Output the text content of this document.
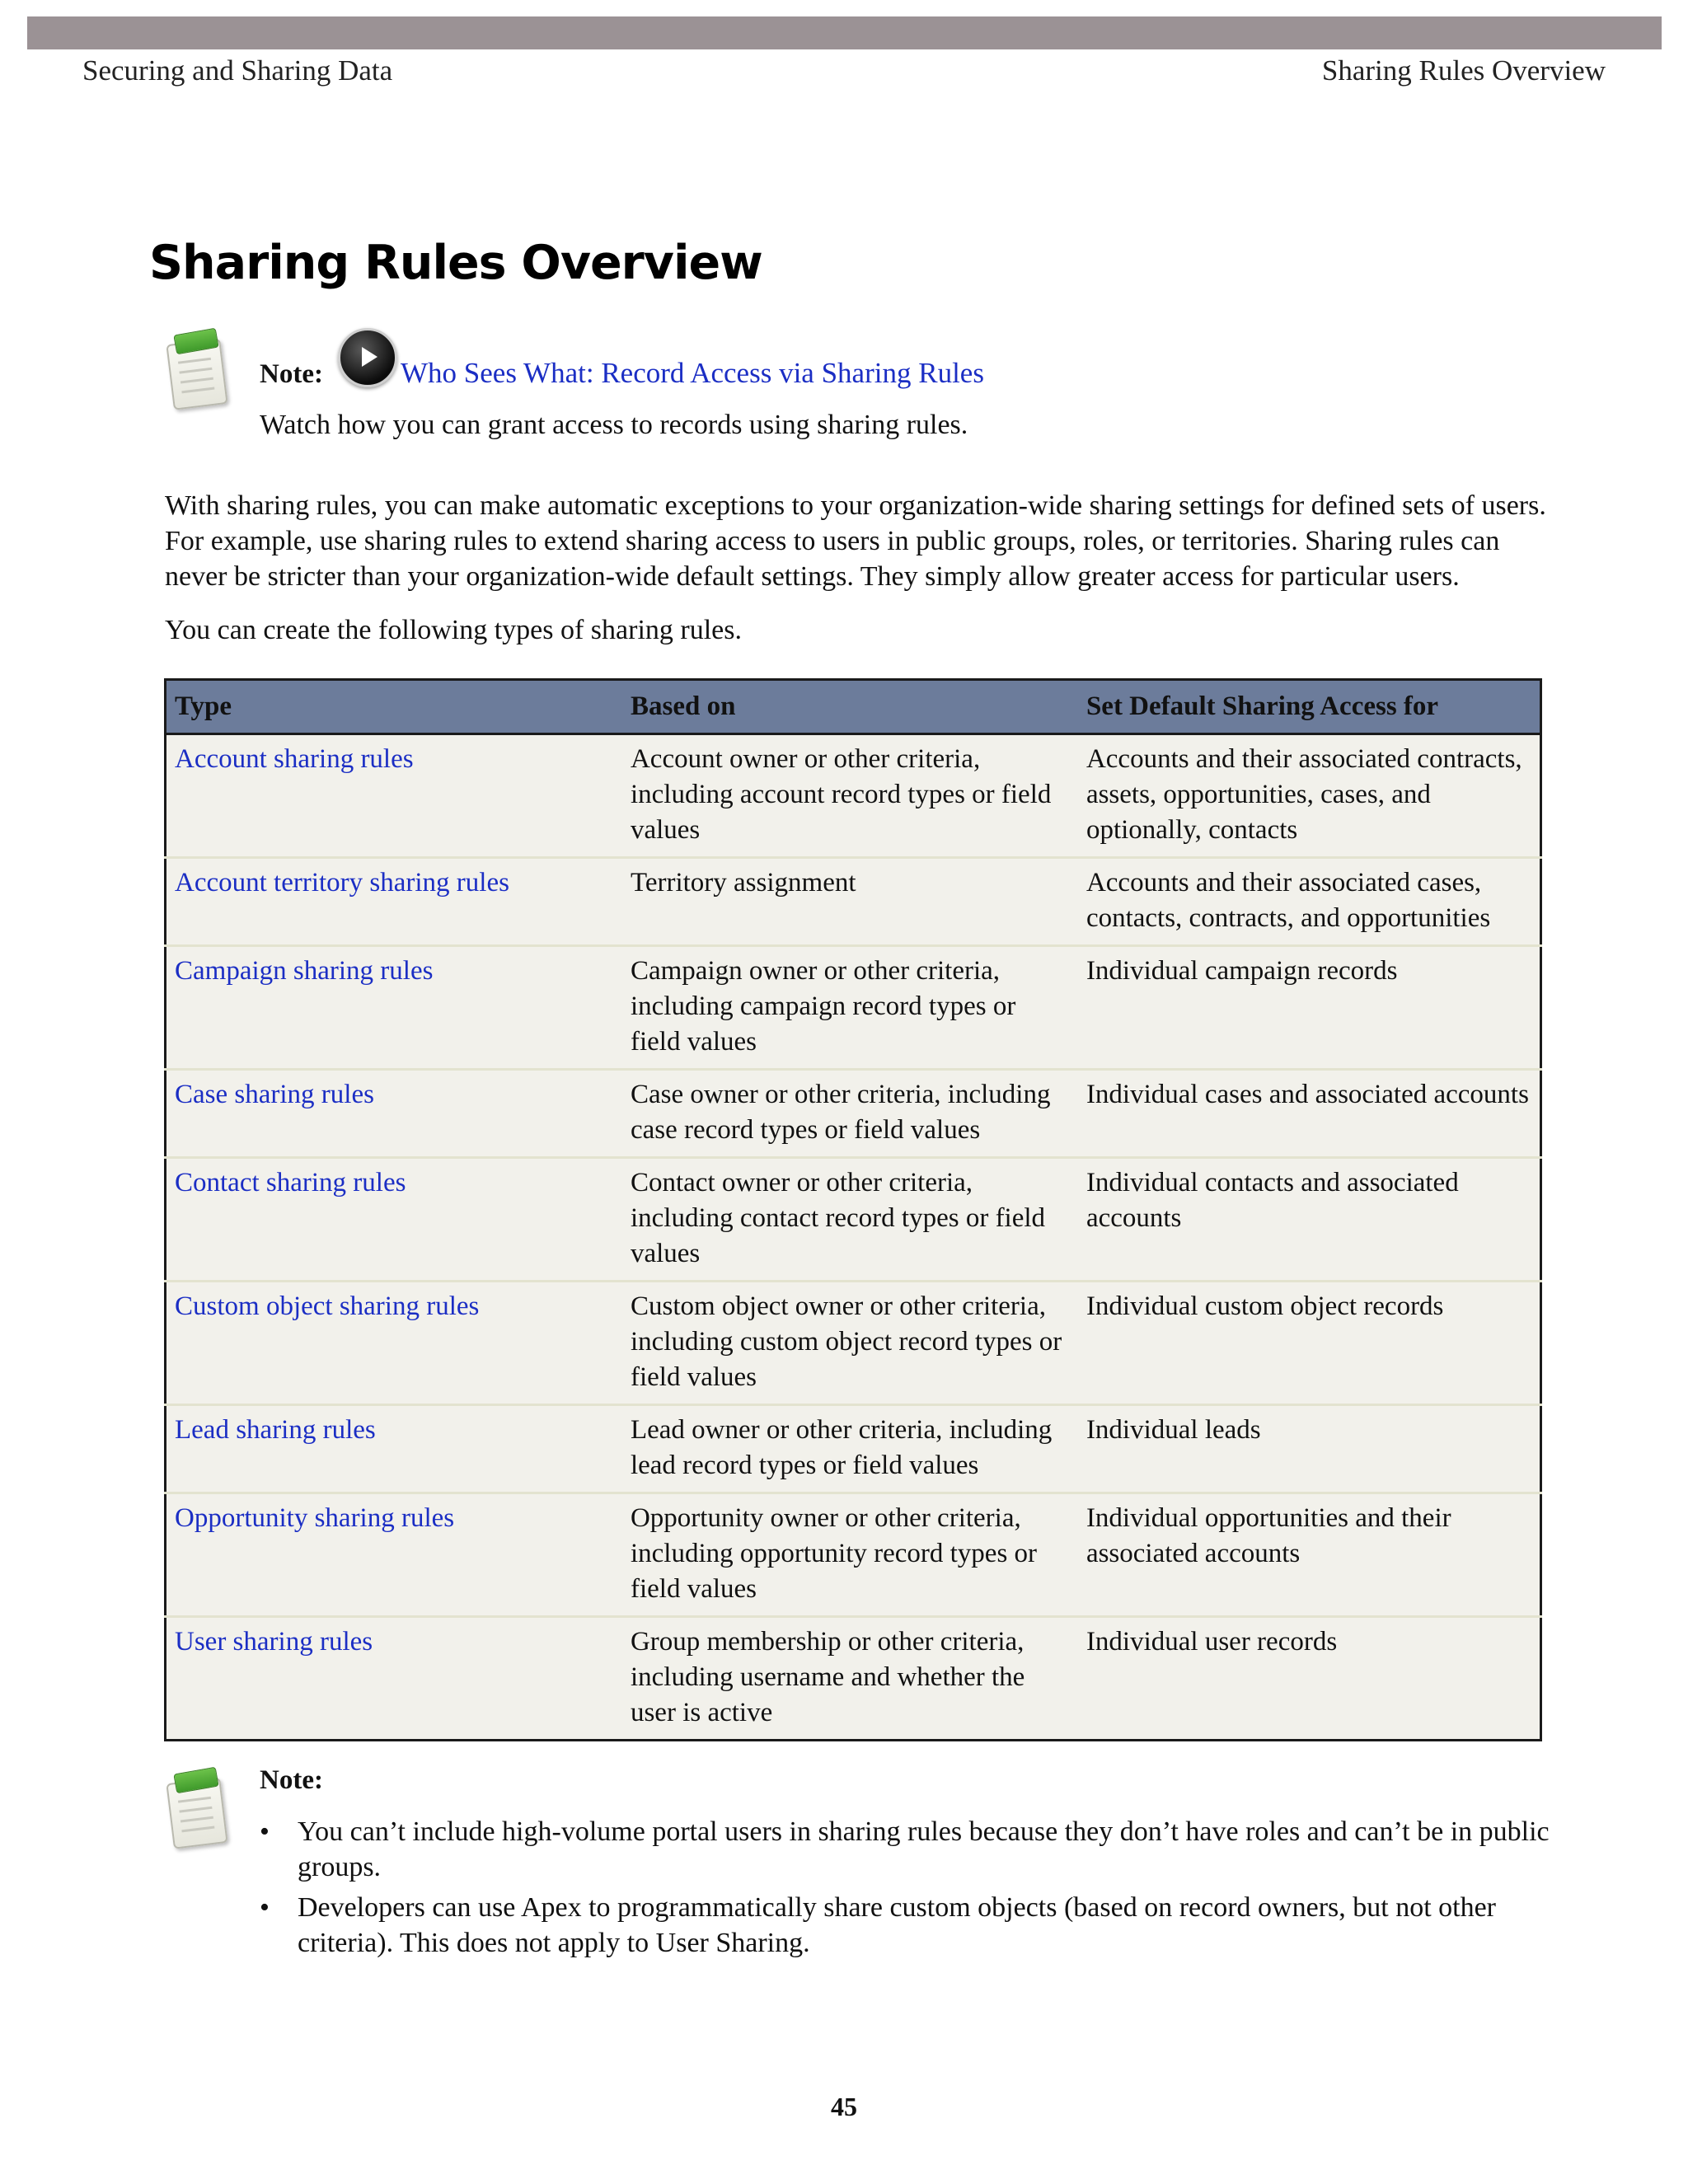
Securing and Sharing Data	Sharing Rules Overview
Sharing Rules Overview
Note:	Who Sees What: Record Access via Sharing Rules
Watch how you can grant access to records using sharing rules.

With sharing rules, you can make automatic exceptions to your organization-wide sharing settings for defined sets of users. For example, use sharing rules to extend sharing access to users in public groups, roles, or territories. Sharing rules can never be stricter than your organization-wide default settings. They simply allow greater access for particular users.

You can create the following types of sharing rules.

Type	Based on	Set Default Sharing Access for
Account sharing rules	Account owner or other criteria, including account record types or field values	Accounts and their associated contracts, assets, opportunities, cases, and optionally, contacts
Account territory sharing rules	Territory assignment	Accounts and their associated cases, contacts, contracts, and opportunities
Campaign sharing rules	Campaign owner or other criteria, including campaign record types or field values	Individual campaign records
Case sharing rules	Case owner or other criteria, including case record types or field values	Individual cases and associated accounts
Contact sharing rules	Contact owner or other criteria, including contact record types or field values	Individual contacts and associated accounts
Custom object sharing rules	Custom object owner or other criteria, including custom object record types or field values	Individual custom object records
Lead sharing rules	Lead owner or other criteria, including lead record types or field values	Individual leads
Opportunity sharing rules	Opportunity owner or other criteria, including opportunity record types or field values	Individual opportunities and their associated accounts
User sharing rules	Group membership or other criteria, including username and whether the user is active	Individual user records
Note:
•	You can’t include high-volume portal users in sharing rules because they don’t have roles and can’t be in public groups.
•	Developers can use Apex to programmatically share custom objects (based on record owners, but not other criteria). This does not apply to User Sharing.
45
